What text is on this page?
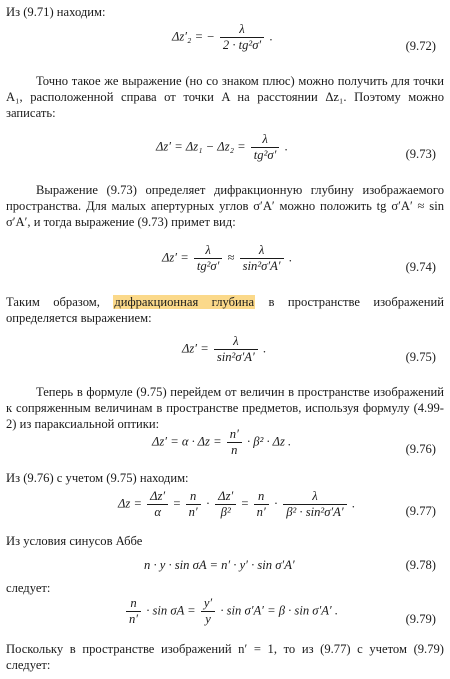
Из (9.71) находим:
Δz′₂ = − $\frac{\lambda}{\text{2 · tg²σ′}}$ .
(9.72)
Точно такое же выражение (но со знаком плюс) можно получить для точки A₁, расположенной справа от точки A на расстоянии Δz₁. Поэтому можно записать:
$\Delta z' = \Delta z_1 - \Delta z_2 = \frac{\lambda}{\text{tg²σ′}}$ .
(9.73)
Выражение (9.73) определяет дифракционную глубину изображаемого пространства. Для малых апертурных углов σ′A′ можно положить tg σ′A′ ≈ sin σ′A′, и тогда выражение (9.73) примет вид:
$\Delta z' = \frac{\lambda}{\text{tg²σ′}} \approx \frac{\lambda}{\text{sin²σ′A′}}$ .
(9.74)
Таким образом, дифракционная глубина в пространстве изображений определяется выражением:
$\Delta z' = \frac{\lambda}{\text{sin²σ′A′}}$ .
(9.75)
Теперь в формуле (9.75) перейдем от величин в пространстве изображений к сопряженным величинам в пространстве предметов, используя формулу (4.99-2) из параксиальной оптики:
$\Delta z' = \alpha \cdot \Delta z = \frac{n'}{n} \cdot \beta^2 \cdot \Delta z$ .
(9.76)
Из (9.76) с учетом (9.75) находим:
$\Delta z = \frac{\Delta z'}{\alpha} = \frac{n}{n'} \cdot \frac{\Delta z'}{\text{β²}} = \frac{n}{n'} \cdot \frac{\lambda}{\text{β² · sin²σ′A′}}$ .
(9.77)
Из условия синусов Аббе
n · y · sin σA = n′ · y′ · sin σ′A′	(9.78)
следует:
$\frac{n}{n'} \cdot \sin \sigma A = \frac{y'}{y} \cdot \sin \sigma'A' = \beta \cdot \sin \sigma'A'$ .
(9.79)
Поскольку в пространстве изображений n′ = 1, то из (9.77) с учетом (9.79) следует:
